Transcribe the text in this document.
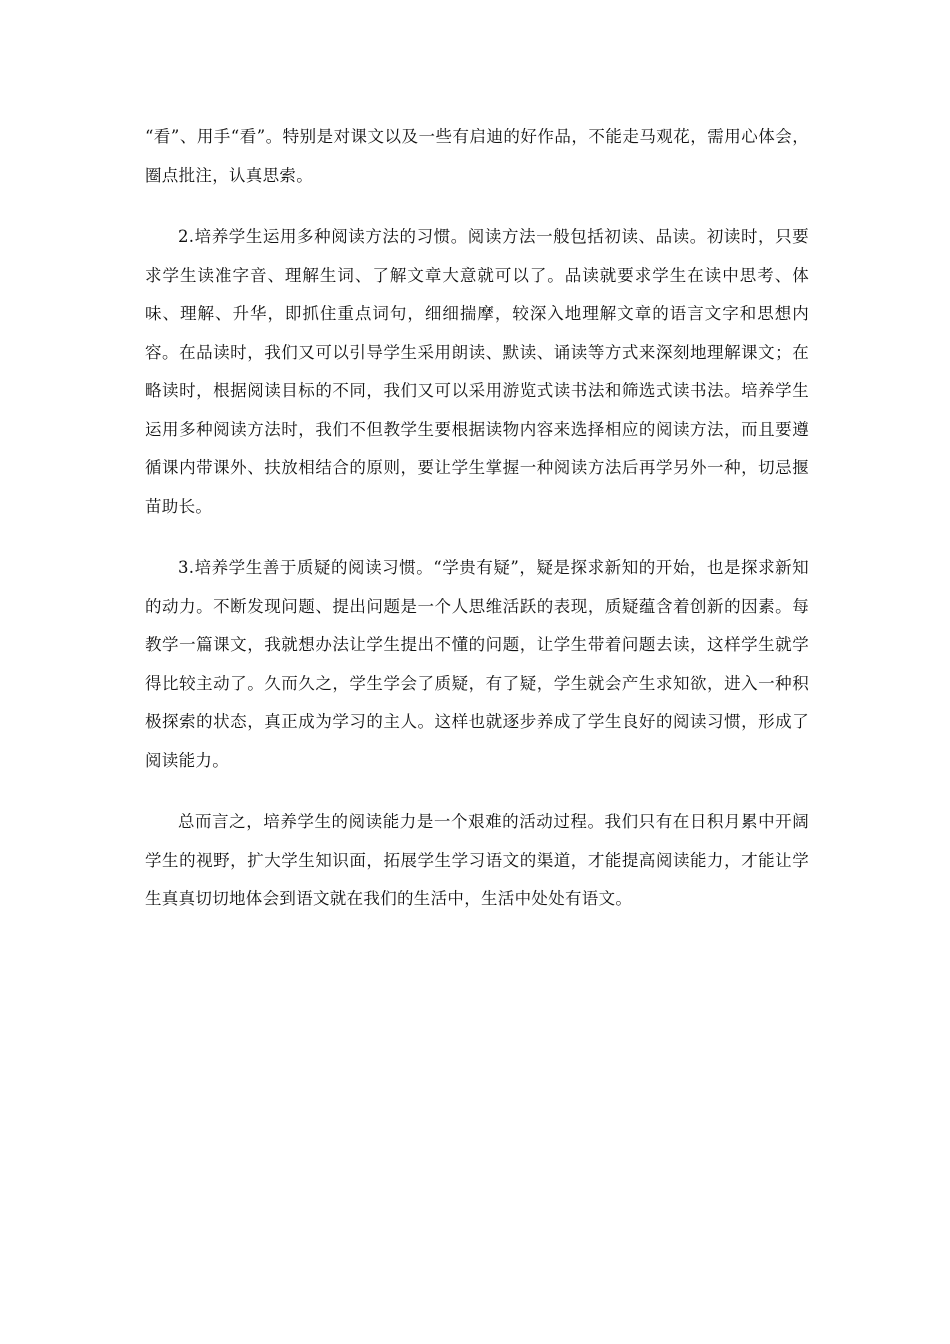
“看”、用手“看”。特别是对课文以及一些有启迪的好作品，不能走马观花，需用心体会，圈点批注，认真思索。

2.培养学生运用多种阅读方法的习惯。阅读方法一般包括初读、品读。初读时，只要求学生读准字音、理解生词、了解文章大意就可以了。品读就要求学生在读中思考、体味、理解、升华，即抓住重点词句，细细揣摩，较深入地理解文章的语言文字和思想内容。在品读时，我们又可以引导学生采用朗读、默读、诵读等方式来深刻地理解课文；在略读时，根据阅读目标的不同，我们又可以采用游览式读书法和筛选式读书法。培养学生运用多种阅读方法时，我们不但教学生要根据读物内容来选择相应的阅读方法，而且要遵循课内带课外、扶放相结合的原则，要让学生掌握一种阅读方法后再学另外一种，切忌揠苗助长。

3.培养学生善于质疑的阅读习惯。“学贵有疑”，疑是探求新知的开始，也是探求新知的动力。不断发现问题、提出问题是一个人思维活跃的表现，质疑蕴含着创新的因素。每教学一篇课文，我就想办法让学生提出不懂的问题，让学生带着问题去读，这样学生就学得比较主动了。久而久之，学生学会了质疑，有了疑，学生就会产生求知欲，进入一种积极探索的状态，真正成为学习的主人。这样也就逐步养成了学生良好的阅读习惯，形成了阅读能力。

总而言之，培养学生的阅读能力是一个艰难的活动过程。我们只有在日积月累中开阔学生的视野，扩大学生知识面，拓展学生学习语文的渠道，才能提高阅读能力，才能让学生真真切切地体会到语文就在我们的生活中，生活中处处有语文。
